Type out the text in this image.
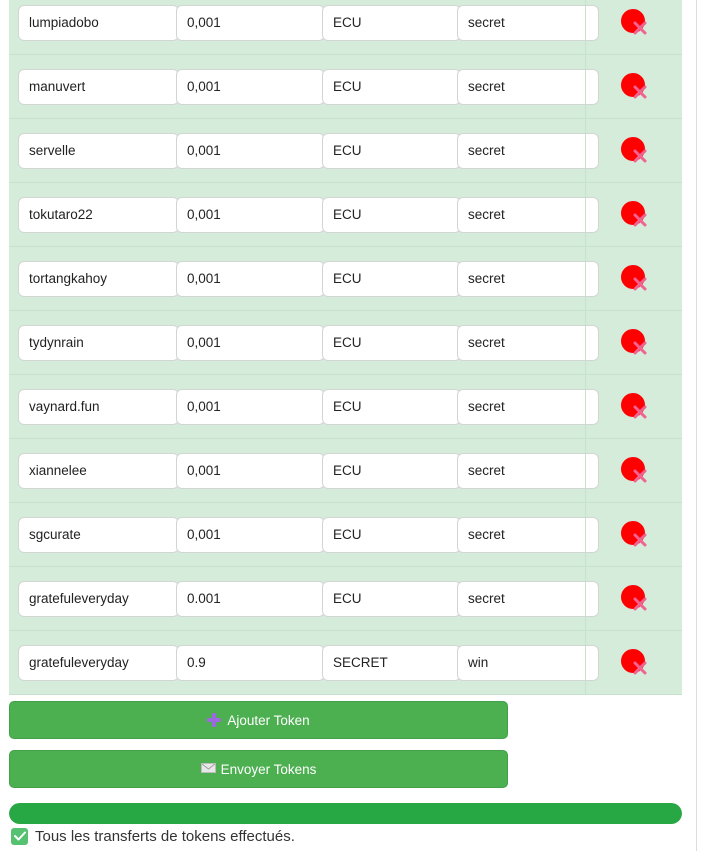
lumpiadobo	0,001	ECU	secret
manuvert	0,001	ECU	secret
servelle	0,001	ECU	secret
tokutaro22	0,001	ECU	secret
tortangkahoy	0,001	ECU	secret
tydynrain	0,001	ECU	secret
vaynard.fun	0,001	ECU	secret
xiannelee	0,001	ECU	secret
sgcurate	0,001	ECU	secret
gratefuleveryday	0.001	ECU	secret
gratefuleveryday	0.9	SECRET	win
Ajouter Token
Envoyer Tokens
Tous les transferts de tokens effectués.
